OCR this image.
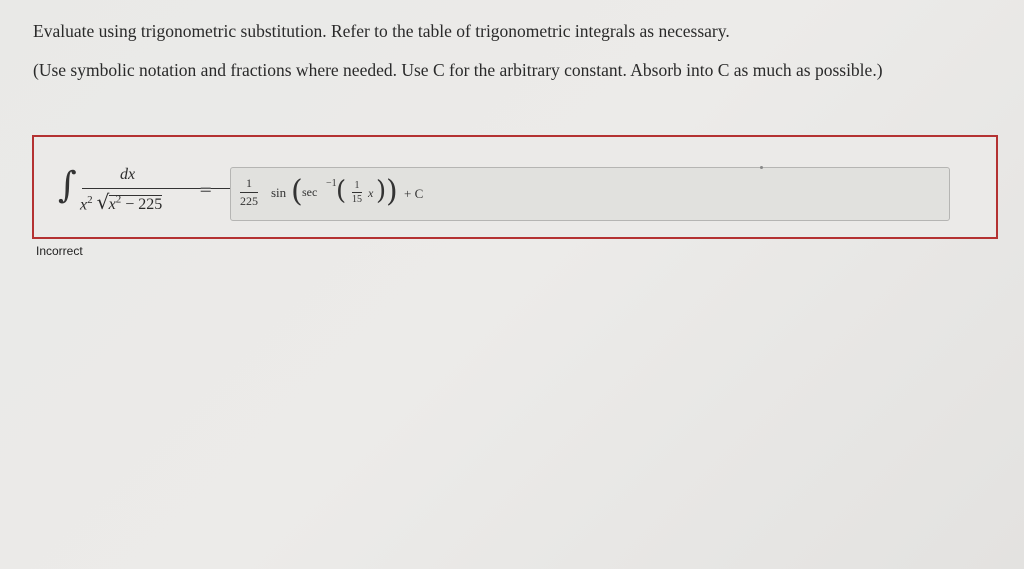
Evaluate using trigonometric substitution. Refer to the table of trigonometric integrals as necessary.
(Use symbolic notation and fractions where needed. Use C for the arbitrary constant. Absorb into C as much as possible.)
∫	dx
$x^2$ √ $x^2 - 225$
=	1
225
sin ( sec
−1 ( 1
15 x ) ) + C
Incorrect
